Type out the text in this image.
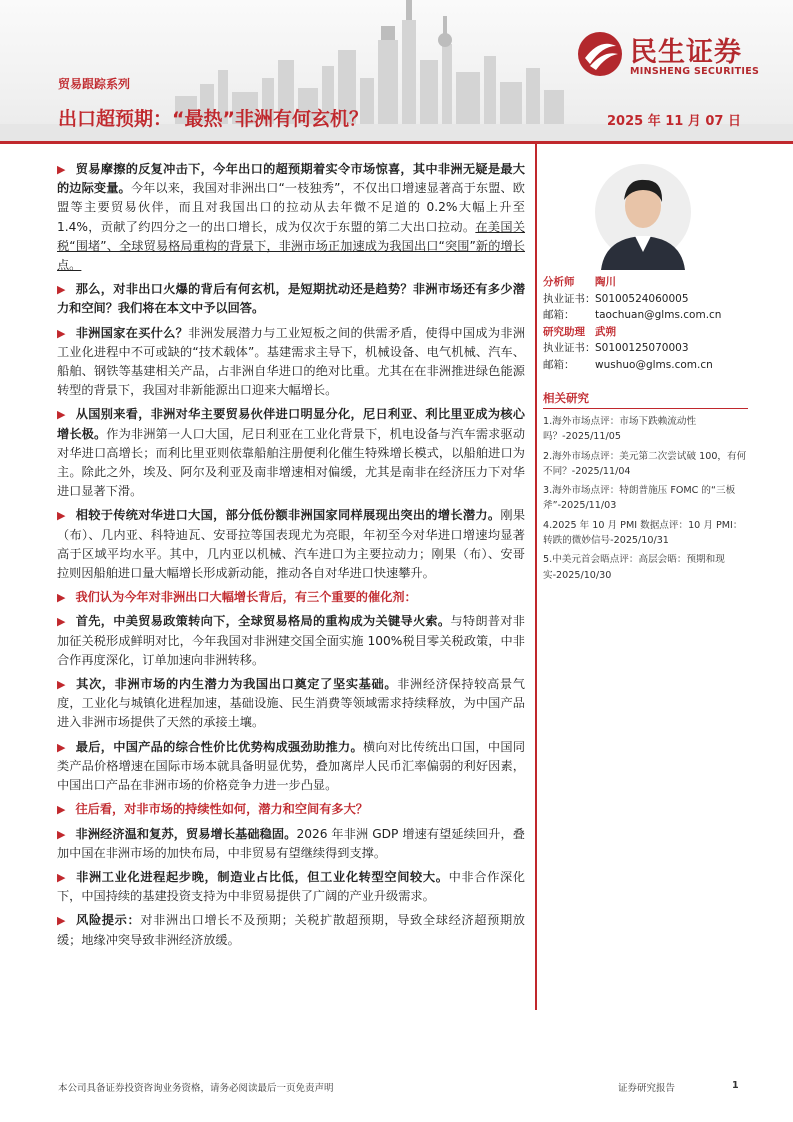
民生证券
MINSHENG SECURITIES
贸易跟踪系列
出口超预期：“最热”非洲有何玄机？	2025 年 11 月 07 日
▶ 贸易摩擦的反复冲击下，今年出口的超预期着实令市场惊喜，其中非洲无疑是最大的边际变量。今年以来，我国对非洲出口“一枝独秀”，不仅出口增速显著高于东盟、欧盟等主要贸易伙伴，而且对我国出口的拉动从去年微不足道的 0.2%大幅上升至 1.4%，贡献了约四分之一的出口增长，成为仅次于东盟的第二大出口拉动。在美国关税“围堵”、全球贸易格局重构的背景下，非洲市场正加速成为我国出口“突围”新的增长点。
▶ 那么，对非出口火爆的背后有何玄机，是短期扰动还是趋势？非洲市场还有多少潜力和空间？我们将在本文中予以回答。
▶ 非洲国家在买什么？非洲发展潜力与工业短板之间的供需矛盾，使得中国成为非洲工业化进程中不可或缺的“技术载体”。基建需求主导下，机械设备、电气机械、汽车、船舶、钢铁等基建相关产品，占非洲自华进口的绝对比重。尤其在在非洲推进绿色能源转型的背景下，我国对非新能源出口迎来大幅增长。
▶ 从国别来看，非洲对华主要贸易伙伴进口明显分化，尼日利亚、利比里亚成为核心增长极。作为非洲第一人口大国，尼日利亚在工业化背景下，机电设备与汽车需求驱动对华进口高增长；而利比里亚则依靠船舶注册便利化催生特殊增长模式，以船舶进口为主。除此之外，埃及、阿尔及利亚及南非增速相对偏缓，尤其是南非在经济压力下对华进口显著下滑。
▶ 相较于传统对华进口大国，部分低份额非洲国家同样展现出突出的增长潜力。刚果（布）、几内亚、科特迪瓦、安哥拉等国表现尤为亮眼，年初至今对华进口增速均显著高于区域平均水平。其中，几内亚以机械、汽车进口为主要拉动力；刚果（布）、安哥拉则因船舶进口量大幅增长形成新动能，推动各自对华进口快速攀升。
▶ 我们认为今年对非洲出口大幅增长背后，有三个重要的催化剂：
▶ 首先，中美贸易政策转向下，全球贸易格局的重构成为关键导火索。与特朗普对非加征关税形成鲜明对比，今年我国对非洲建交国全面实施 100%税目零关税政策，中非合作再度深化，订单加速向非洲转移。
▶ 其次，非洲市场的内生潜力为我国出口奠定了坚实基础。非洲经济保持较高景气度，工业化与城镇化进程加速，基础设施、民生消费等领域需求持续释放，为中国产品进入非洲市场提供了天然的承接土壤。
▶ 最后，中国产品的综合性价比优势构成强劲助推力。横向对比传统出口国，中国同类产品价格增速在国际市场本就具备明显优势，叠加离岸人民币汇率偏弱的利好因素，中国出口产品在非洲市场的价格竞争力进一步凸显。
▶ 往后看，对非市场的持续性如何，潜力和空间有多大？
▶ 非洲经济温和复苏，贸易增长基础稳固。2026 年非洲 GDP 增速有望延续回升，叠加中国在非洲市场的加快布局，中非贸易有望继续得到支撑。
▶ 非洲工业化进程起步晚，制造业占比低，但工业化转型空间较大。中非合作深化下，中国持续的基建投资支持为中非贸易提供了广阔的产业升级需求。
▶ 风险提示：对非洲出口增长不及预期；关税扩散超预期，导致全球经济超预期放缓；地缘冲突导致非洲经济放缓。
分析师 陶川
执业证书：S0100524060005
邮箱： taochuan@glms.com.cn
研究助理 武朔
执业证书：S0100125070003
邮箱： wushuo@glms.com.cn
相关研究
1.海外市场点评：市场下跌赖流动性吗？-2025/11/05
2.海外市场点评：美元第二次尝试破 100，有何不同？-2025/11/04
3.海外市场点评：特朗普施压 FOMC 的“三板斧”-2025/11/03
4.2025 年 10 月 PMI 数据点评：10 月 PMI：转跌的微妙信号-2025/10/31
5.中美元首会晤点评：高层会晤：预期和现实-2025/10/30
本公司具备证券投资咨询业务资格，请务必阅读最后一页免责声明	证券研究报告	1
